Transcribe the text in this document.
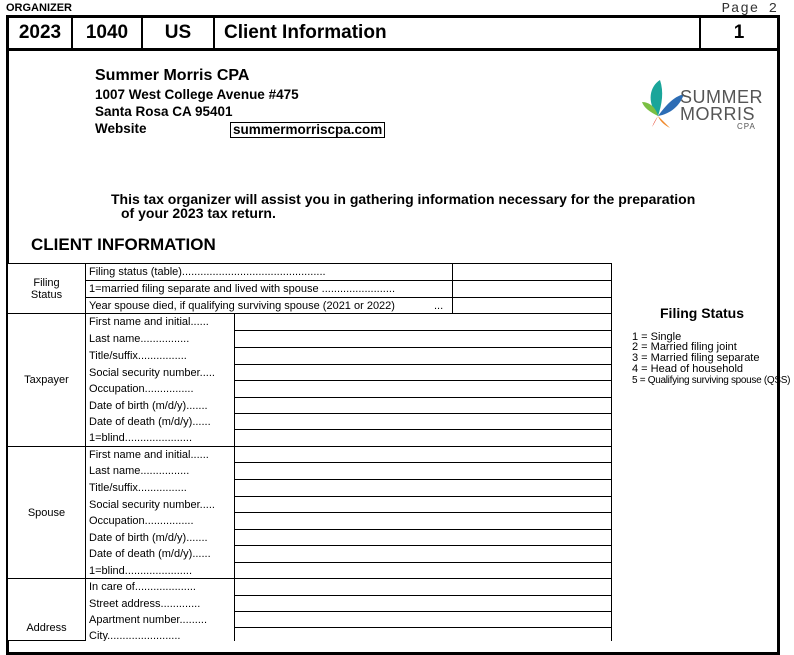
ORGANIZER	Page 2
2023	1040	US	Client Information	1
Summer Morris CPA
1007 West College Avenue #475
Santa Rosa CA 95401
Website	summermorriscpa.com
SUMMER
MORRIS
CPA
This tax organizer will assist you in gathering information necessary for the preparation
of your 2023 tax return.
CLIENT INFORMATION
Filing
Status
Filing status (table)...............................................
1=married filing separate and lived with spouse ........................
Year spouse died, if qualifying surviving spouse (2021 or 2022)	...
Taxpayer
First name and initial......
Last name................
Title/suffix................
Social security number.....
Occupation................
Date of birth (m/d/y).......
Date of death (m/d/y)......
1=blind......................
Spouse
First name and initial......
Last name................
Title/suffix................
Social security number.....
Occupation................
Date of birth (m/d/y).......
Date of death (m/d/y)......
1=blind......................
Address
In care of....................
Street address.............
Apartment number.........
City........................
Filing Status
1 = Single
2 = Married filing joint
3 = Married filing separate
4 = Head of household
5 = Qualifying surviving spouse (QSS)
